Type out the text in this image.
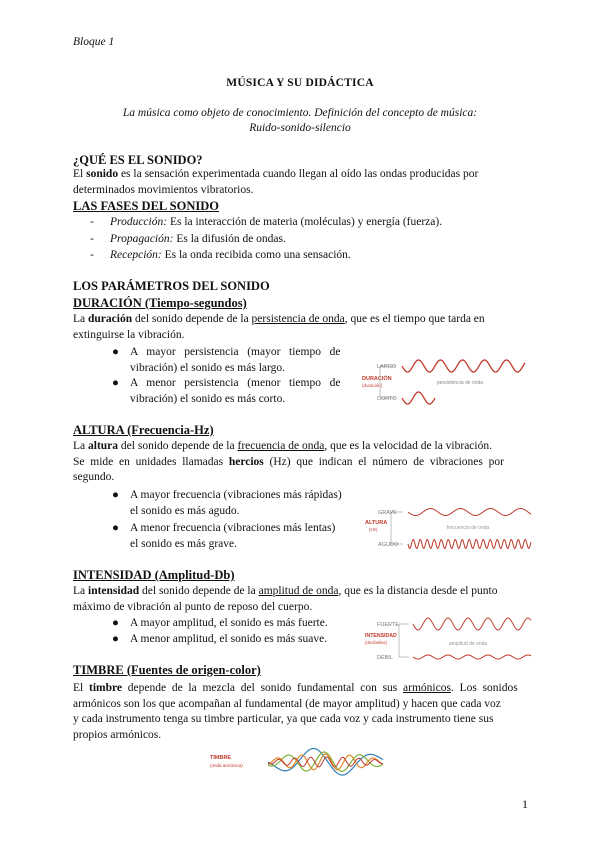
Bloque 1
MÚSICA Y SU DIDÁCTICA
La música como objeto de conocimiento. Definición del concepto de música:
Ruido-sonido-silencio
¿QUÉ ES EL SONIDO?
El sonido es la sensación experimentada cuando llegan al oído las ondas producidas por
determinados movimientos vibratorios.
LAS FASES DEL SONIDO
- Producción: Es la interacción de materia (moléculas) y energía (fuerza).
- Propagación: Es la difusión de ondas.
- Recepción: Es la onda recibida como una sensación.
LOS PARÁMETROS DEL SONIDO
DURACIÓN (Tiempo-segundos)
La duración del sonido depende de la persistencia de onda, que es el tiempo que tarda en
extinguirse la vibración.
● A   mayor   persistencia   (mayor   tiempo   de
vibración) el sonido es más largo.
● A   menor   persistencia   (menor   tiempo   de
vibración) el sonido es más corto.
DURACIÓN
(duración)
LARGO
CORTO
persistencia de onda
ALTURA (Frecuencia-Hz)
La altura del sonido depende de la frecuencia de onda, que es la velocidad de la vibración.
Se  mide  en  unidades  llamadas  hercios  (Hz)  que  indican  el  número  de  vibraciones  por
segundo.
● A mayor frecuencia (vibraciones más rápidas)
el sonido es más agudo.
● A menor frecuencia (vibraciones más lentas)
el sonido es más grave.
ALTURA
(Hz)
GRAVE
AGUDO
frecuencia de onda
INTENSIDAD (Amplitud-Db)
La intensidad del sonido depende de la amplitud de onda, que es la distancia desde el punto
máximo de vibración al punto de reposo del cuerpo.
● A mayor amplitud, el sonido es más fuerte.
● A menor amplitud, el sonido es más suave.	INTENSIDAD
(decibelios)
FUERTE
DÉBIL
amplitud de onda
TIMBRE (Fuentes de origen-color)
El  timbre  depende  de  la  mezcla  del  sonido  fundamental  con  sus  armónicos.  Los  sonidos
armónicos son los que acompañan al fundamental (de mayor amplitud) y hacen que cada voz
y cada instrumento tenga su timbre particular, ya que cada voz y cada instrumento tiene sus
propios armónicos.
TIMBRE
(onda armónica)
1
